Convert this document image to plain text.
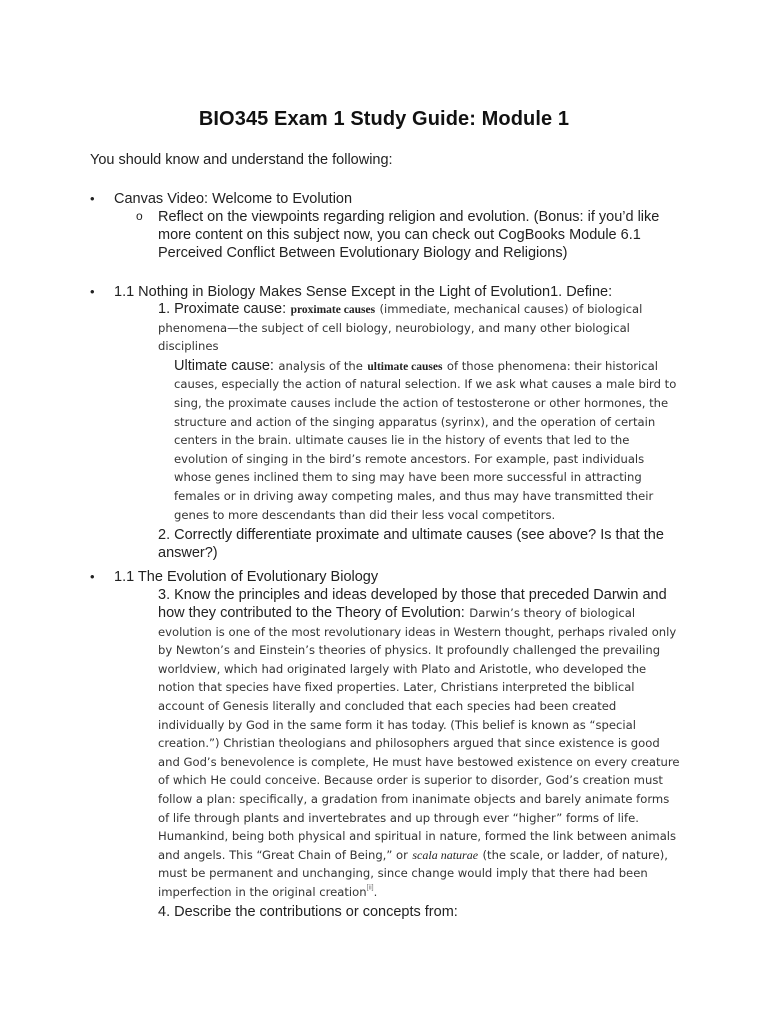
BIO345 Exam 1 Study Guide: Module 1
You should know and understand the following:
•	Canvas Video: Welcome to Evolution
o Reflect on the viewpoints regarding religion and evolution. (Bonus: if you’d like more content on this subject now, you can check out CogBooks Module 6.1 Perceived Conflict Between Evolutionary Biology and Religions)
•	1.1 Nothing in Biology Makes Sense Except in the Light of Evolution1. Define:
1. Proximate cause: proximate causes (immediate, mechanical causes) of biological phenomena—the subject of cell biology, neurobiology, and many other biological disciplines
Ultimate cause: analysis of the ultimate causes of those phenomena: their historical causes, especially the action of natural selection. If we ask what causes a male bird to sing, the proximate causes include the action of testosterone or other hormones, the structure and action of the singing apparatus (syrinx), and the operation of certain centers in the brain. ultimate causes lie in the history of events that led to the evolution of singing in the bird’s remote ancestors. For example, past individuals whose genes inclined them to sing may have been more successful in attracting females or in driving away competing males, and thus may have transmitted their genes to more descendants than did their less vocal competitors.
2. Correctly differentiate proximate and ultimate causes (see above? Is that the answer?)
•	1.1 The Evolution of Evolutionary Biology
3. Know the principles and ideas developed by those that preceded Darwin and how they contributed to the Theory of Evolution: Darwin’s theory of biological evolution is one of the most revolutionary ideas in Western thought, perhaps rivaled only by Newton’s and Einstein’s theories of physics. It profoundly challenged the prevailing worldview, which had originated largely with Plato and Aristotle, who developed the notion that species have fixed properties. Later, Christians interpreted the biblical account of Genesis literally and concluded that each species had been created individually by God in the same form it has today. (This belief is known as “special creation.”) Christian theologians and philosophers argued that since existence is good and God’s benevolence is complete, He must have bestowed existence on every creature of which He could conceive. Because order is superior to disorder, God’s creation must follow a plan: specifically, a gradation from inanimate objects and barely animate forms of life through plants and invertebrates and up through ever “higher” forms of life. Humankind, being both physical and spiritual in nature, formed the link between animals and angels. This “Great Chain of Being,” or scala naturae (the scale, or ladder, of nature), must be permanent and unchanging, since change would imply that there had been imperfection in the original creation[ii].
4. Describe the contributions or concepts from:
